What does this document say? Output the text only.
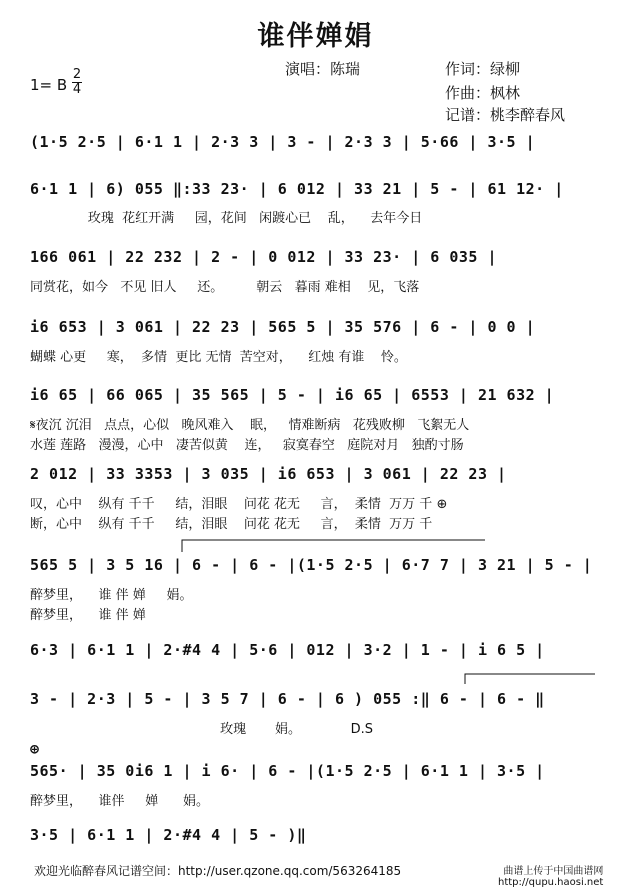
谁伴婵娟
演唱：陈瑞	作词：绿柳
作曲：枫林
记谱：桃李醉春风
1= B
2
4
(1·5 2·5 | 6·1 1 | 2·3 3 | 3 - | 2·3 3 | 5·66 | 3·5 |
6·1 1 | 6) 055 ‖:33 23· | 6 012 | 33 21 | 5 - | 61 12· |
玫瑰  花红开满     园，花间   闲踱心已    乱，    去年今日
166 061 | 22 232 | 2 - | 0 012 | 33 23· | 6 035 |
同赏花，如今   不见 旧人     还。        朝云   暮雨 难相    见，飞落
i6 653 | 3 061 | 22 23 | 565 5 | 35 576 | 6 - | 0 0 |
蝴蝶 心更     寒，  多情  更比 无情  苦空对，    红烛 有谁    怜。
i6 65 | 66 065 | 35 565 | 5 - | i6 65 | 6553 | 21 632 |
𝄋夜沉 沉泪   点点，心似   晚风难入    眠，   情难断病   花残败柳   飞絮无人
水莲 莲路   漫漫，心中   凄苦似黄    连，   寂寞春空   庭院对月   独酌寸肠
2 012 | 33 3353 | 3 035 | i6 653 | 3 061 | 22 23 |
叹，心中    纵有 千千     结，泪眼    问花 花无     言，  柔情  万万 千 ⊕
断，心中    纵有 千千     结，泪眼    问花 花无     言，  柔情  万万 千
565 5 | 3 5 16 | 6 - | 6 - |(1·5 2·5 | 6·7 7 | 3 21 | 5 - |
醉梦里，    谁 伴 婵     娟。
醉梦里，    谁 伴 婵
6·3 | 6·1 1 | 2·#4 4 | 5·6 | 012 | 3·2 | 1 - | i 6 5 |
3 - | 2·3 | 5 - | 3 5 7 | 6 - | 6 ) 055 :‖ 6 - | 6 - ‖
玫瑰       娟。            D.S
⊕
565· | 35 0i6 1 | i 6· | 6 - |(1·5 2·5 | 6·1 1 | 3·5 |
醉梦里，    谁伴     婵      娟。
3·5 | 6·1 1 | 2·#4 4 | 5 - )‖
欢迎光临醉春风记谱空间：http://user.qzone.qq.com/563264185	曲谱上传于中国曲谱网
http://qupu.haosi.net
